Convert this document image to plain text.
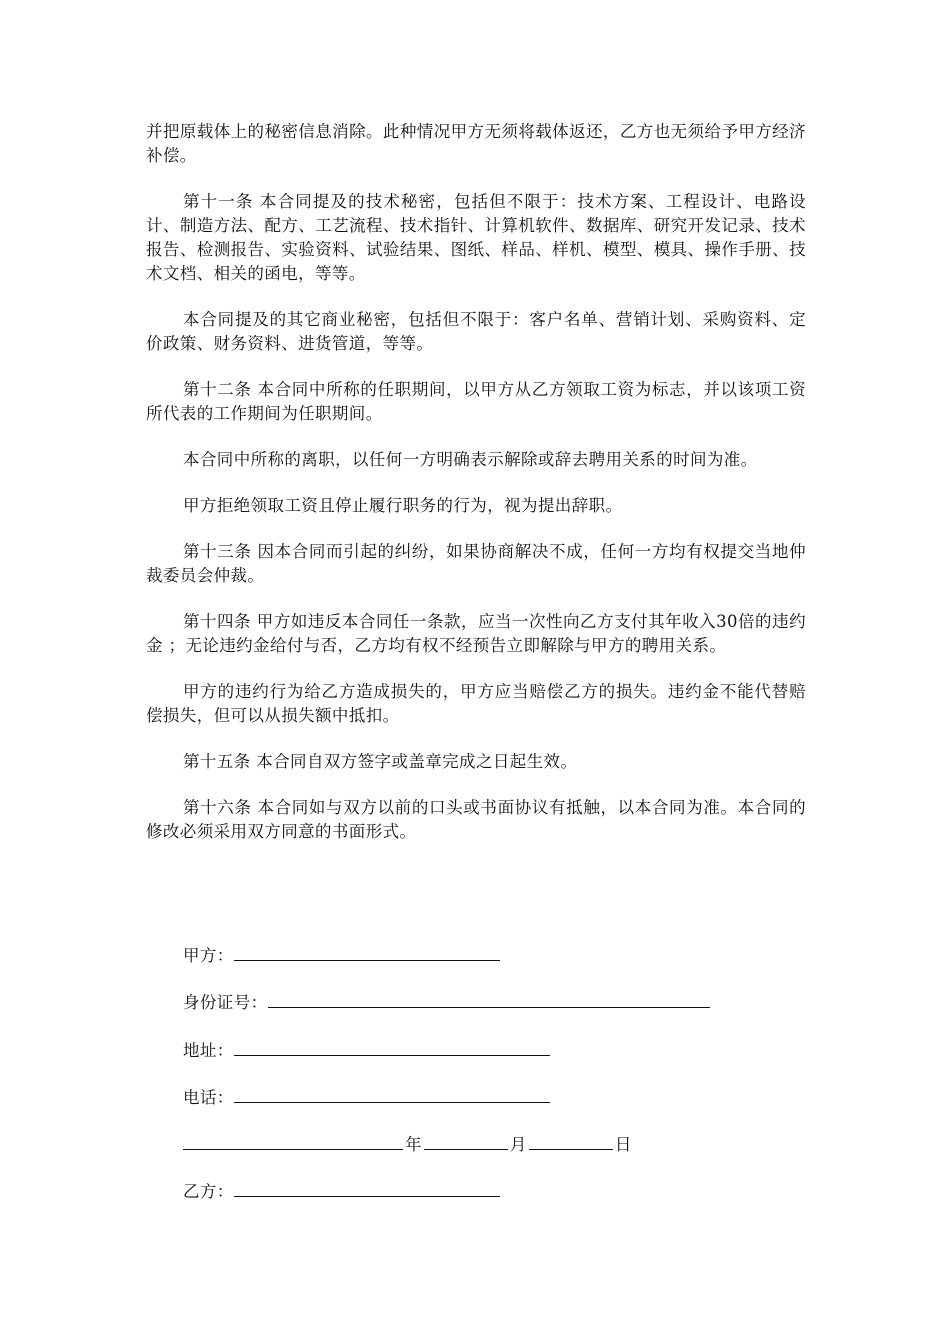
并把原载体上的秘密信息消除。此种情况甲方无须将载体返还，乙方也无须给予甲方经济补偿。

第十一条 本合同提及的技术秘密，包括但不限于：技术方案、工程设计、电路设计、制造方法、配方、工艺流程、技术指针、计算机软件、数据库、研究开发记录、技术报告、检测报告、实验资料、试验结果、图纸、样品、样机、模型、模具、操作手册、技术文档、相关的函电，等等。

本合同提及的其它商业秘密，包括但不限于：客户名单、营销计划、采购资料、定价政策、财务资料、进货管道，等等。

第十二条 本合同中所称的任职期间，以甲方从乙方领取工资为标志，并以该项工资所代表的工作期间为任职期间。

本合同中所称的离职，以任何一方明确表示解除或辞去聘用关系的时间为准。

甲方拒绝领取工资且停止履行职务的行为，视为提出辞职。

第十三条 因本合同而引起的纠纷，如果协商解决不成，任何一方均有权提交当地仲裁委员会仲裁。

第十四条 甲方如违反本合同任一条款，应当一次性向乙方支付其年收入30倍的违约金 ；无论违约金给付与否，乙方均有权不经预告立即解除与甲方的聘用关系。

甲方的违约行为给乙方造成损失的，甲方应当赔偿乙方的损失。违约金不能代替赔偿损失，但可以从损失额中抵扣。

第十五条 本合同自双方签字或盖章完成之日起生效。

第十六条 本合同如与双方以前的口头或书面协议有抵触，以本合同为准。本合同的修改必须采用双方同意的书面形式。

甲方：
身份证号：
地址：
电话：
年	月	日
乙方：
